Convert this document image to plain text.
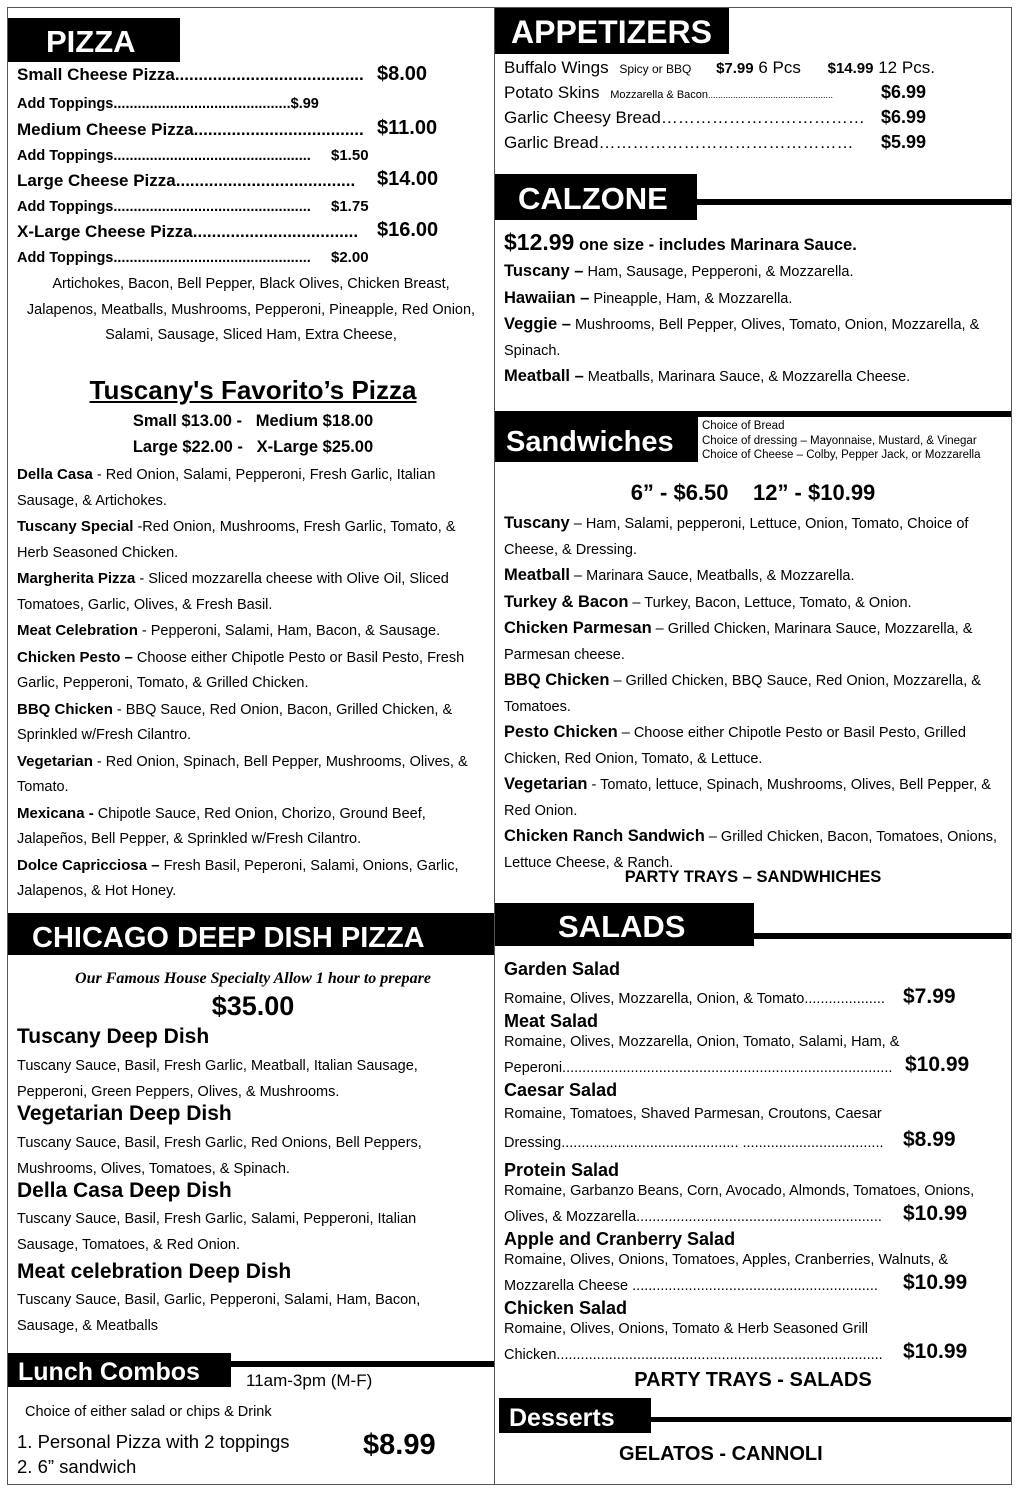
PIZZA
Small Cheese Pizza........................................ $8.00
Add Toppings............................................$.99
Medium Cheese Pizza.................................... $11.00
Add Toppings................................................. $1.50
Large Cheese Pizza...................................... $14.00
Add Toppings................................................. $1.75
X-Large Cheese Pizza................................... $16.00
Add Toppings................................................. $2.00
Artichokes, Bacon, Bell Pepper, Black Olives, Chicken Breast,
Jalapenos, Meatballs, Mushrooms, Pepperoni, Pineapple, Red Onion,
Salami, Sausage, Sliced Ham, Extra Cheese,
Tuscany's Favorito’s Pizza
Small $13.00 -   Medium $18.00
Large $22.00 -   X-Large $25.00
Della Casa - Red Onion, Salami, Pepperoni, Fresh Garlic, Italian Sausage, & Artichokes.
Tuscany Special -Red Onion, Mushrooms, Fresh Garlic, Tomato, & Herb Seasoned Chicken.
Margherita Pizza - Sliced mozzarella cheese with Olive Oil, Sliced Tomatoes, Garlic, Olives, & Fresh Basil.
Meat Celebration - Pepperoni, Salami, Ham, Bacon, & Sausage.
Chicken Pesto – Choose either Chipotle Pesto or Basil Pesto, Fresh Garlic, Pepperoni, Tomato, & Grilled Chicken.
BBQ Chicken - BBQ Sauce, Red Onion, Bacon, Grilled Chicken, & Sprinkled w/Fresh Cilantro.
Vegetarian - Red Onion, Spinach, Bell Pepper, Mushrooms, Olives, & Tomato.
Mexicana - Chipotle Sauce, Red Onion, Chorizo, Ground Beef, Jalapeños, Bell Pepper, & Sprinkled w/Fresh Cilantro.
Dolce Capricciosa – Fresh Basil, Peperoni, Salami, Onions, Garlic, Jalapenos, & Hot Honey.
CHICAGO DEEP DISH PIZZA
Our Famous House Specialty Allow 1 hour to prepare
$35.00
Tuscany Deep Dish
Tuscany Sauce, Basil, Fresh Garlic, Meatball, Italian Sausage, Pepperoni, Green Peppers, Olives, & Mushrooms.
Vegetarian Deep Dish
Tuscany Sauce, Basil, Fresh Garlic, Red Onions, Bell Peppers, Mushrooms, Olives, Tomatoes, & Spinach.
Della Casa Deep Dish
Tuscany Sauce, Basil, Fresh Garlic, Salami, Pepperoni, Italian Sausage, Tomatoes, & Red Onion.
Meat celebration Deep Dish
Tuscany Sauce, Basil, Garlic, Pepperoni, Salami, Ham, Bacon, Sausage, & Meatballs
Lunch Combos	11am-3pm (M-F)
Choice of either salad or chips & Drink
1. Personal Pizza with 2 toppings
2. 6” sandwich
$8.99
APPETIZERS
Buffalo Wings Spicy or BBQ $7.99 6 Pcs $14.99 12 Pcs.
Potato Skins Mozzarella & Bacon..................................................	$6.99
Garlic Cheesy Bread……………………………… $6.99
Garlic Bread……………………………………… $5.99
CALZONE
$12.99 one size - includes Marinara Sauce.
Tuscany – Ham, Sausage, Pepperoni, & Mozzarella.
Hawaiian – Pineapple, Ham, & Mozzarella.
Veggie – Mushrooms, Bell Pepper, Olives, Tomato, Onion, Mozzarella, & Spinach.
Meatball – Meatballs, Marinara Sauce, & Mozzarella Cheese.
Sandwiches	Choice of Bread
Choice of dressing – Mayonnaise, Mustard, & Vinegar
Choice of Cheese – Colby, Pepper Jack, or Mozzarella
6” - $6.50    12” - $10.99
Tuscany – Ham, Salami, pepperoni, Lettuce, Onion, Tomato, Choice of Cheese, & Dressing.
Meatball – Marinara Sauce, Meatballs, & Mozzarella.
Turkey & Bacon – Turkey, Bacon, Lettuce, Tomato, & Onion.
Chicken Parmesan – Grilled Chicken, Marinara Sauce, Mozzarella, & Parmesan cheese.
BBQ Chicken – Grilled Chicken, BBQ Sauce, Red Onion, Mozzarella, & Tomatoes.
Pesto Chicken – Choose either Chipotle Pesto or Basil Pesto, Grilled Chicken, Red Onion, Tomato, & Lettuce.
Vegetarian - Tomato, lettuce, Spinach, Mushrooms, Olives, Bell Pepper, & Red Onion.
Chicken Ranch Sandwich – Grilled Chicken, Bacon, Tomatoes, Onions, Lettuce Cheese, & Ranch.
PARTY TRAYS – SANDWHICHES
SALADS
Garden Salad
Romaine, Olives, Mozzarella, Onion, & Tomato.................... $7.99
Meat Salad
Romaine, Olives, Mozzarella, Onion, Tomato, Salami, Ham, &
Peperoni.................................................................................. $10.99
Caesar Salad
Romaine, Tomatoes, Shaved Parmesan, Croutons, Caesar
Dressing............................................ ................................... $8.99
Protein Salad
Romaine, Garbanzo Beans, Corn, Avocado, Almonds, Tomatoes, Onions,
Olives, & Mozzarella............................................................. $10.99
Apple and Cranberry Salad
Romaine, Olives, Onions, Tomatoes, Apples, Cranberries, Walnuts, &
Mozzarella Cheese ............................................................. $10.99
Chicken Salad
Romaine, Olives, Onions, Tomato & Herb Seasoned Grill
Chicken................................................................................. $10.99
PARTY TRAYS - SALADS
Desserts
GELATOS - CANNOLI
